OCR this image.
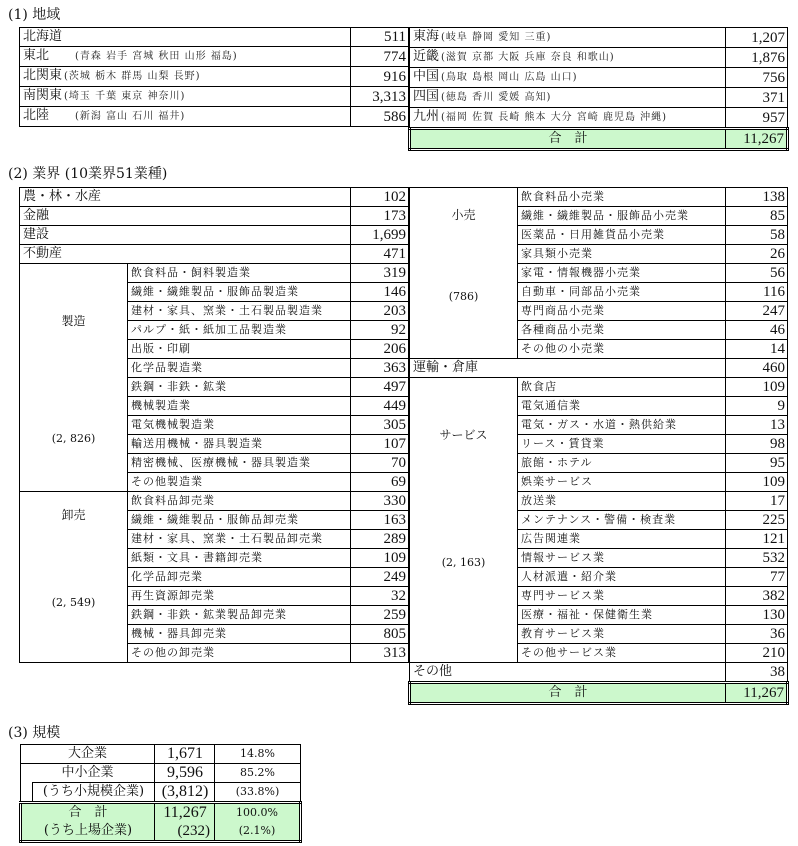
(1) 地域
北海道	511
東北 (青森 岩手 宮城 秋田 山形 福島)	774
北関東 (茨城 栃木 群馬 山梨 長野)	916
南関東 (埼玉 千葉 東京 神奈川)	3,313
北陸 (新潟 富山 石川 福井)	586
東海 (岐阜 静岡 愛知 三重)	1,207
近畿 (滋賀 京都 大阪 兵庫 奈良 和歌山)	1,876
中国 (鳥取 島根 岡山 広島 山口)	756
四国 (徳島 香川 愛媛 高知)	371
九州 (福岡 佐賀 長崎 熊本 大分 宮崎 鹿児島 沖縄)	957
合　計	11,267
(2) 業界 (10業界51業種)
農・林・水産		102
金融		173
建設		1,699
不動産		471

製造
(2, 826)	飲食料品・飼料製造業	319
	繊維・繊維製品・服飾品製造業	146
	建材・家具、窯業・土石製品製造業	203
	パルプ・紙・紙加工品製造業	92
	出版・印刷	206
	化学品製造業	363
	鉄鋼・非鉄・鉱業	497
	機械製造業	449
	電気機械製造業	305
	輸送用機械・器具製造業	107
	精密機械、医療機械・器具製造業	70
	その他製造業	69

卸売
(2, 549)	飲食料品卸売業	330
	繊維・繊維製品・服飾品卸売業	163
	建材・家具、窯業・土石製品卸売業	289
	紙類・文具・書籍卸売業	109
	化学品卸売業	249
	再生資源卸売業	32
	鉄鋼・非鉄・鉱業製品卸売業	259
	機械・器具卸売業	805
	その他の卸売業	313
小売
(786)	飲食料品小売業	138
	繊維・繊維製品・服飾品小売業	85
	医薬品・日用雑貨品小売業	58
	家具類小売業	26
	家電・情報機器小売業	56
	自動車・同部品小売業	116
	専門商品小売業	247
	各種商品小売業	46
	その他の小売業	14
運輸・倉庫		460

サービス
(2, 163)	飲食店	109
	電気通信業	9
	電気・ガス・水道・熱供給業	13
	リース・賃貸業	98
	旅館・ホテル	95
	娯楽サービス	109
	放送業	17
	メンテナンス・警備・検査業	225
	広告関連業	121
	情報サービス業	532
	人材派遣・紹介業	77
	専門サービス業	382
	医療・福祉・保健衛生業	130
	教育サービス業	36
	その他サービス業	210
その他		38
合　計		11,267
(3) 規模
大企業		1,671	14.8%
中小企業		9,596	85.2%
	(うち小規模企業)	(3,812)	(33.8%)
合　計		11,267	100.0%
(うち上場企業)		(232)	(2.1%)
